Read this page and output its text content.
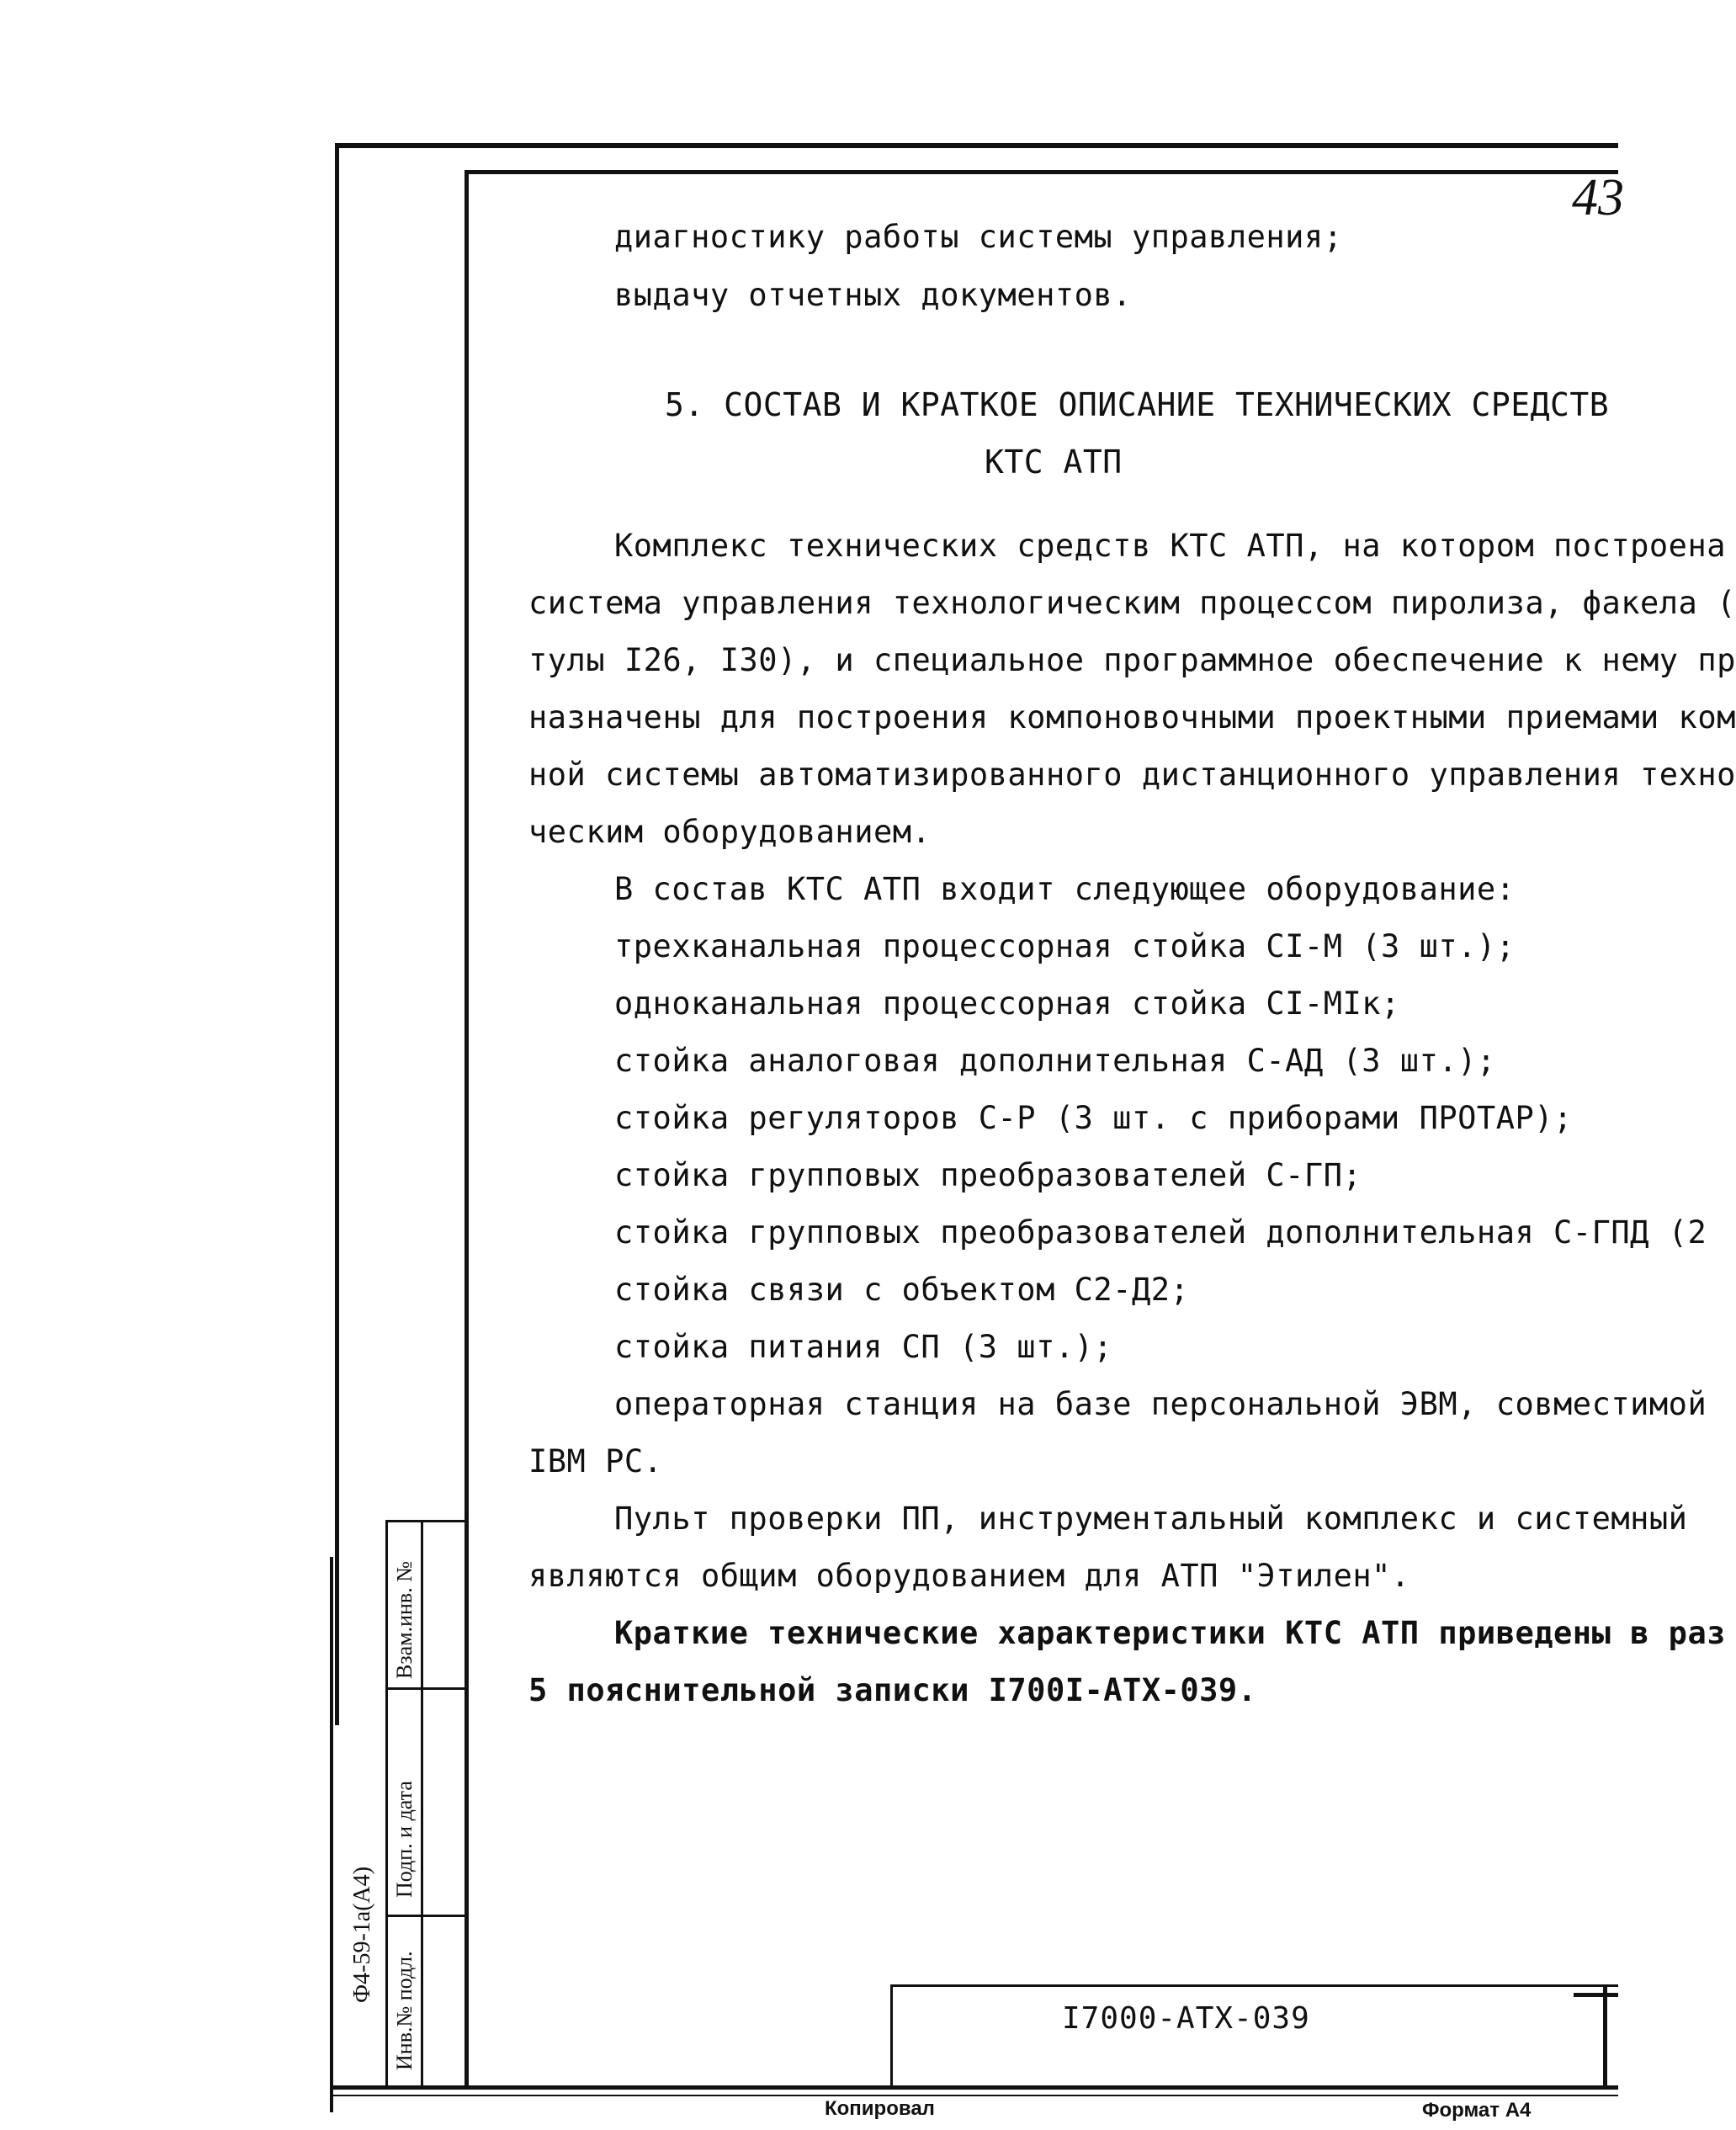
43
диагностику работы системы управления;
выдачу отчетных документов.
5. СОСТАВ И КРАТКОЕ ОПИСАНИЕ ТЕХНИЧЕСКИХ СРЕДСТВ
КТС АТП
Комплекс технических средств КТС АТП, на котором построена
система управления технологическим процессом пиролиза, факела (
тулы I26, I30), и специальное программное обеспечение к нему пр
назначены для построения компоновочными проектными приемами ком
ной системы автоматизированного дистанционного управления техно
ческим оборудованием.
В состав КТС АТП входит следующее оборудование:
трехканальная процессорная стойка CI-M (3 шт.);
одноканальная процессорная стойка CI-MIк;
стойка аналоговая дополнительная С-АД (3 шт.);
стойка регуляторов С-Р (3 шт. с приборами ПРОТАР);
стойка групповых преобразователей С-ГП;
стойка групповых преобразователей дополнительная С-ГПД (2
стойка связи с объектом С2-Д2;
стойка питания СП (3 шт.);
операторная станция на базе персональной ЭВМ, совместимой
IBM PC.
Пульт проверки ПП, инструментальный комплекс и системный
являются общим оборудованием для АТП "Этилен".
Краткие технические характеристики КТС АТП приведены в раз
5 пояснительной записки I700I-АТХ-039.
Ф4-59-1а(А4)
Взам.инв. №
Подп. и дата
Инв.№ подл.	I7000-АТХ-039
Копировал	Формат А4
